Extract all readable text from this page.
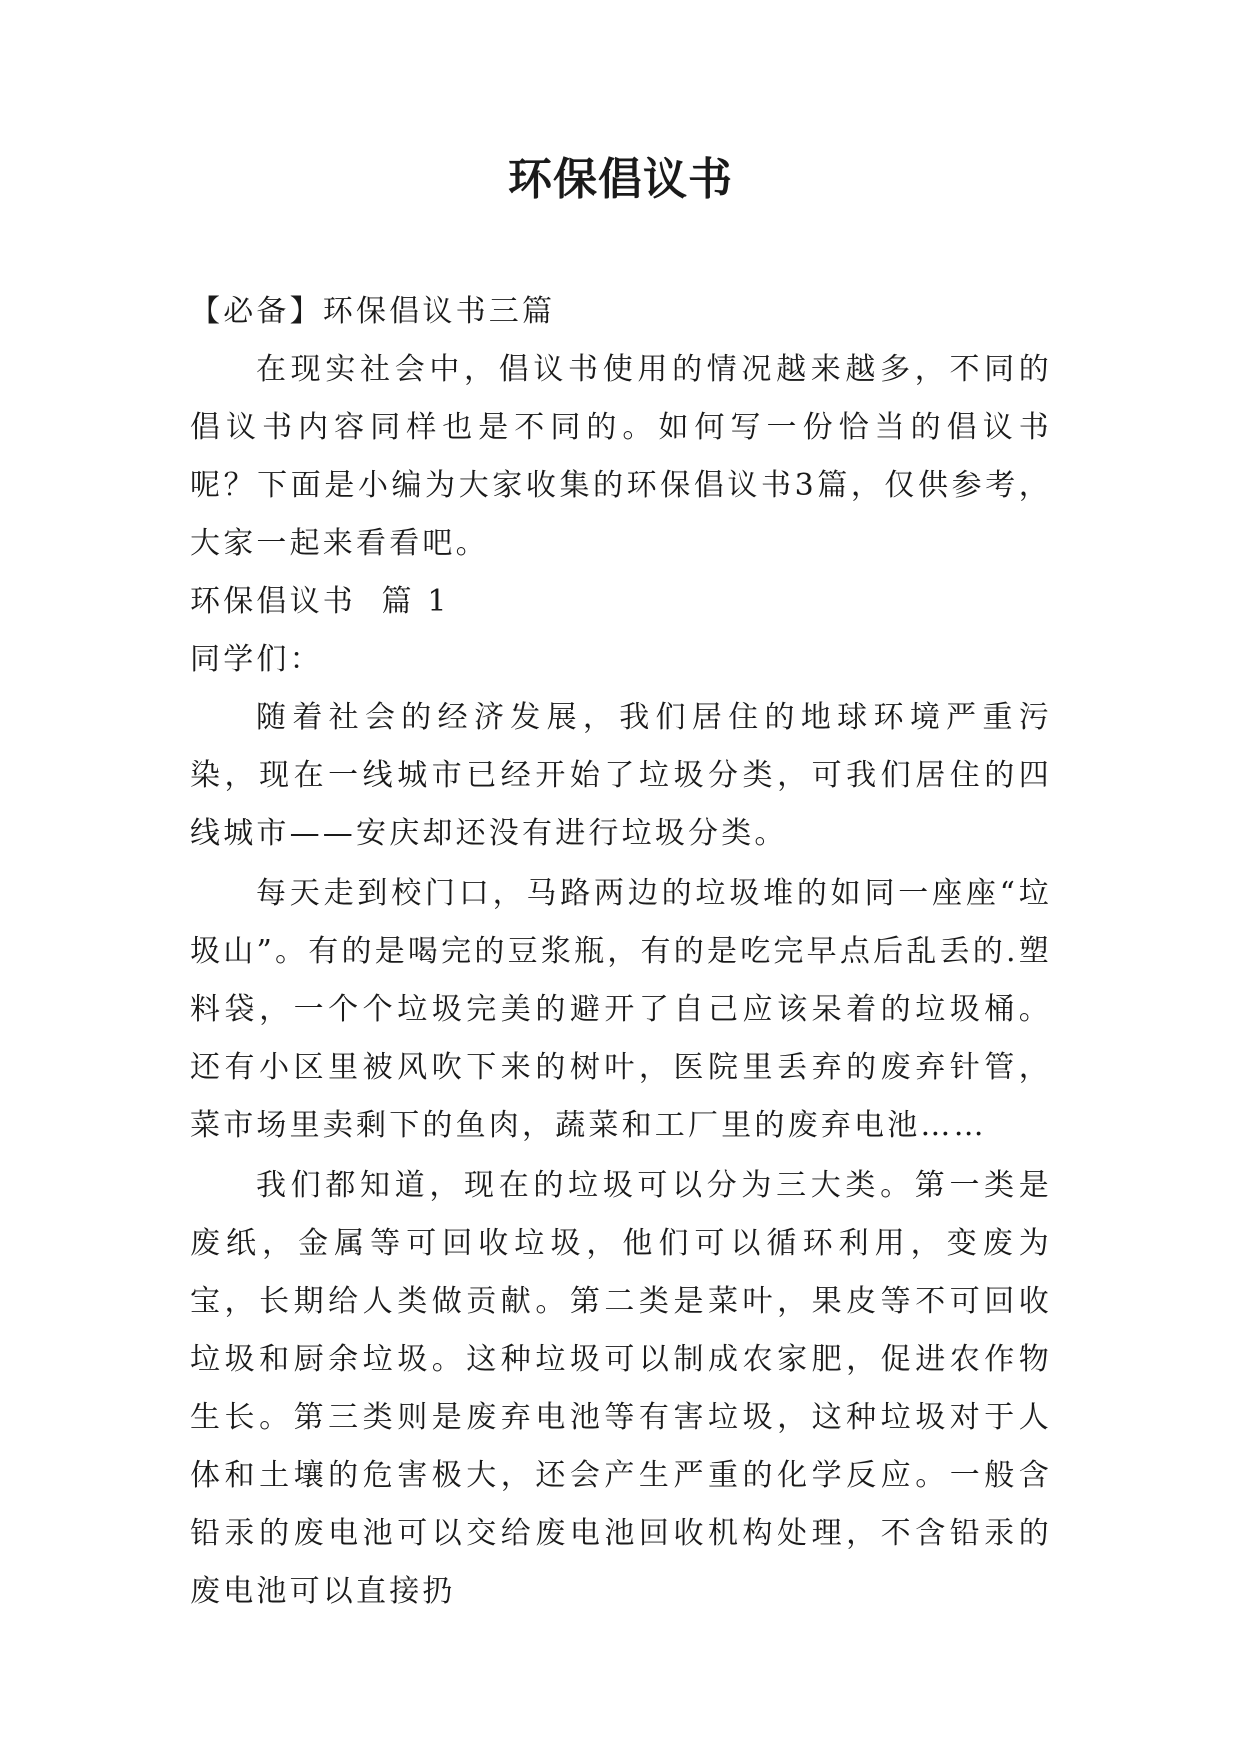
环保倡议书

【必备】环保倡议书三篇

在现实社会中，倡议书使用的情况越来越多，不同的倡议书内容同样也是不同的。如何写一份恰当的倡议书呢？下面是小编为大家收集的环保倡议书3篇，仅供参考，大家一起来看看吧。

环保倡议书  篇 1

同学们：

随着社会的经济发展，我们居住的地球环境严重污染，现在一线城市已经开始了垃圾分类，可我们居住的四线城市——安庆却还没有进行垃圾分类。

每天走到校门口，马路两边的垃圾堆的如同一座座“垃圾山”。有的是喝完的豆浆瓶，有的是吃完早点后乱丢的.塑料袋，一个个垃圾完美的避开了自己应该呆着的垃圾桶。还有小区里被风吹下来的树叶，医院里丢弃的废弃针管，菜市场里卖剩下的鱼肉，蔬菜和工厂里的废弃电池……

我们都知道，现在的垃圾可以分为三大类。第一类是废纸，金属等可回收垃圾，他们可以循环利用，变废为宝，长期给人类做贡献。第二类是菜叶，果皮等不可回收垃圾和厨余垃圾。这种垃圾可以制成农家肥，促进农作物生长。第三类则是废弃电池等有害垃圾，这种垃圾对于人体和土壤的危害极大，还会产生严重的化学反应。一般含铅汞的废电池可以交给废电池回收机构处理，不含铅汞的废电池可以直接扔
